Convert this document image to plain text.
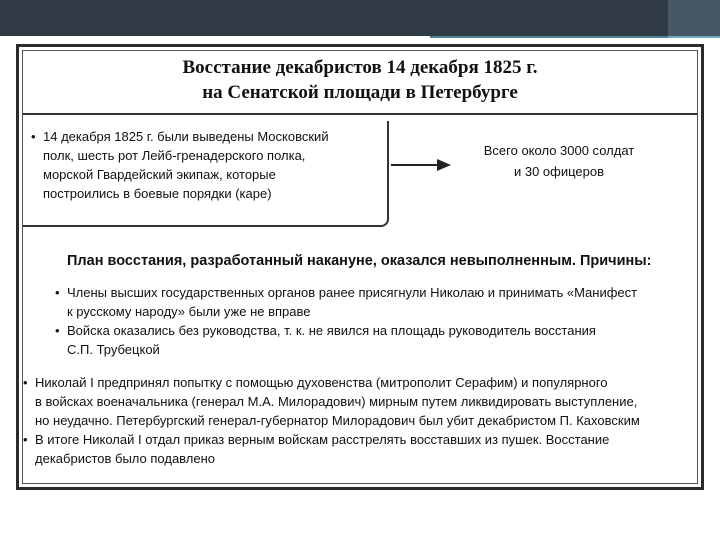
Восстание декабристов 14 декабря 1825 г.
на Сенатской площади в Петербурге
• 14 декабря 1825 г. были выведены Московский
полк, шесть рот Лейб-гренадерского полка,
морской Гвардейский экипаж, которые
построились в боевые порядки (каре)
Всего около 3000 солдат
и 30 офицеров
План восстания, разработанный накануне, оказался невыполненным. Причины:
• Члены высших государственных органов ранее присягнули Николаю и принимать «Манифест
к русскому народу» были уже не вправе
• Войска оказались без руководства, т. к. не явился на площадь руководитель восстания
С.П. Трубецкой
• Николай I предпринял попытку с помощью духовенства (митрополит Серафим) и популярного
в войсках военачальника (генерал М.А. Милорадович) мирным путем ликвидировать выступление,
но неудачно. Петербургский генерал-губернатор Милорадович был убит декабристом П. Каховским
• В итоге Николай I отдал приказ верным войскам расстрелять восставших из пушек. Восстание
декабристов было подавлено
